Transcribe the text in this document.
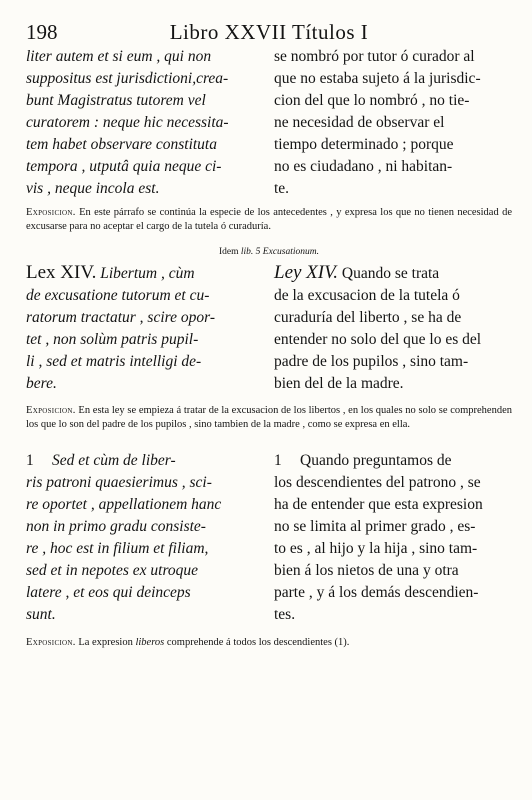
198	Libro XXVII Títulos I

liter autem et si eum , qui non

suppositus est jurisdictioni,crea-

bunt Magistratus tutorem vel

curatorem : neque hic necessita-

tem habet observare constituta

tempora , utputâ quia neque ci-

vis , neque incola est.

se nombró por tutor ó curador al

que no estaba sujeto á la jurisdic-

cion del que lo nombró , no tie-

ne necesidad de observar el

tiempo determinado ; porque

no es ciudadano , ni habitan-

te.

Exposicion. En este párrafo se continúa la especie de los antecedentes , y expresa los que no tienen necesidad de excusarse para no aceptar el cargo de la tutela ó curaduría.
Idem lib. 5 Excusationum.

Lex XIV. Libertum , cùm

de excusatione tutorum et cu-

ratorum tractatur , scire opor-

tet , non solùm patris pupil-

li , sed et matris intelligi de-

bere.

Ley XIV. Quando se trata

de la excusacion de la tutela ó

curaduría del liberto , se ha de

entender no solo del que lo es del

padre de los pupilos , sino tam-

bien del de la madre.

Exposicion. En esta ley se empieza á tratar de la excusacion de los libertos , en los quales no solo se comprehenden los que lo son del padre de los pupilos , sino tambien de la madre , como se expresa en ella.

1 Sed et cùm de liber-

ris patroni quaesierimus , sci-

re oportet , appellationem hanc

non in primo gradu consiste-

re , hoc est in filium et filiam,

sed et in nepotes ex utroque

latere , et eos qui deinceps

sunt.

1 Quando preguntamos de

los descendientes del patrono , se

ha de entender que esta expresion

no se limita al primer grado , es-

to es , al hijo y la hija , sino tam-

bien á los nietos de una y otra

parte , y á los demás descendien-

tes.

Exposicion. La expresion liberos comprehende á todos los descendientes (1).
